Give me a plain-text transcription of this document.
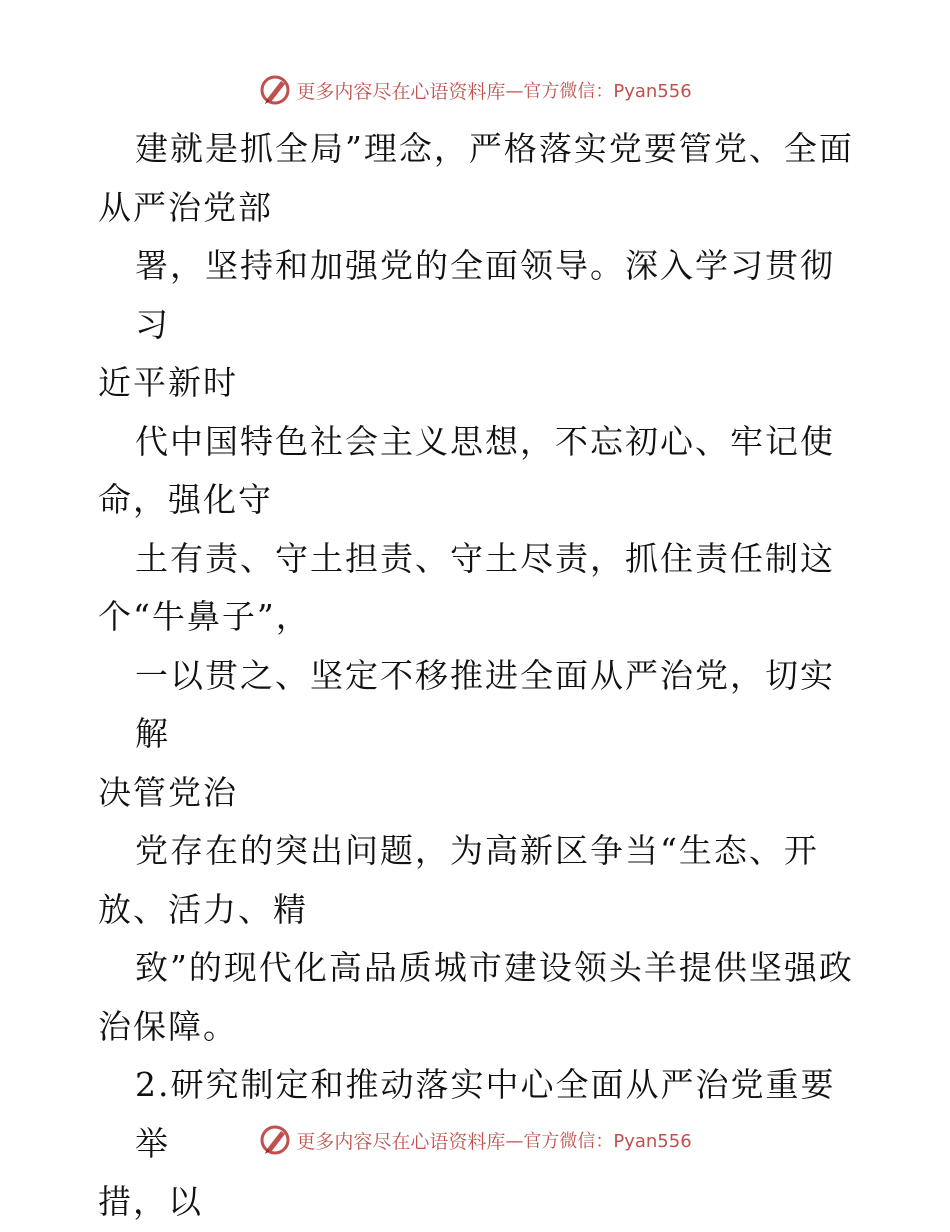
更多内容尽在心语资料库 —官方微信：Pyan556

建就是抓全局”理念，严格落实党要管党、全面
从严治党部

署，坚持和加强党的全面领导。深入学习贯彻习
近平新时

代中国特色社会主义思想，不忘初心、牢记使
命，强化守

土有责、守土担责、守土尽责，抓住责任制这
个“牛鼻子”，

一以贯之、坚定不移推进全面从严治党，切实解
决管党治

党存在的突出问题，为高新区争当“生态、开
放、活力、精

致”的现代化高品质城市建设领头羊提供坚强政
治保障。

2.研究制定和推动落实中心全面从严治党重要举
措，以

更多内容尽在心语资料库 —官方微信：Pyan556
